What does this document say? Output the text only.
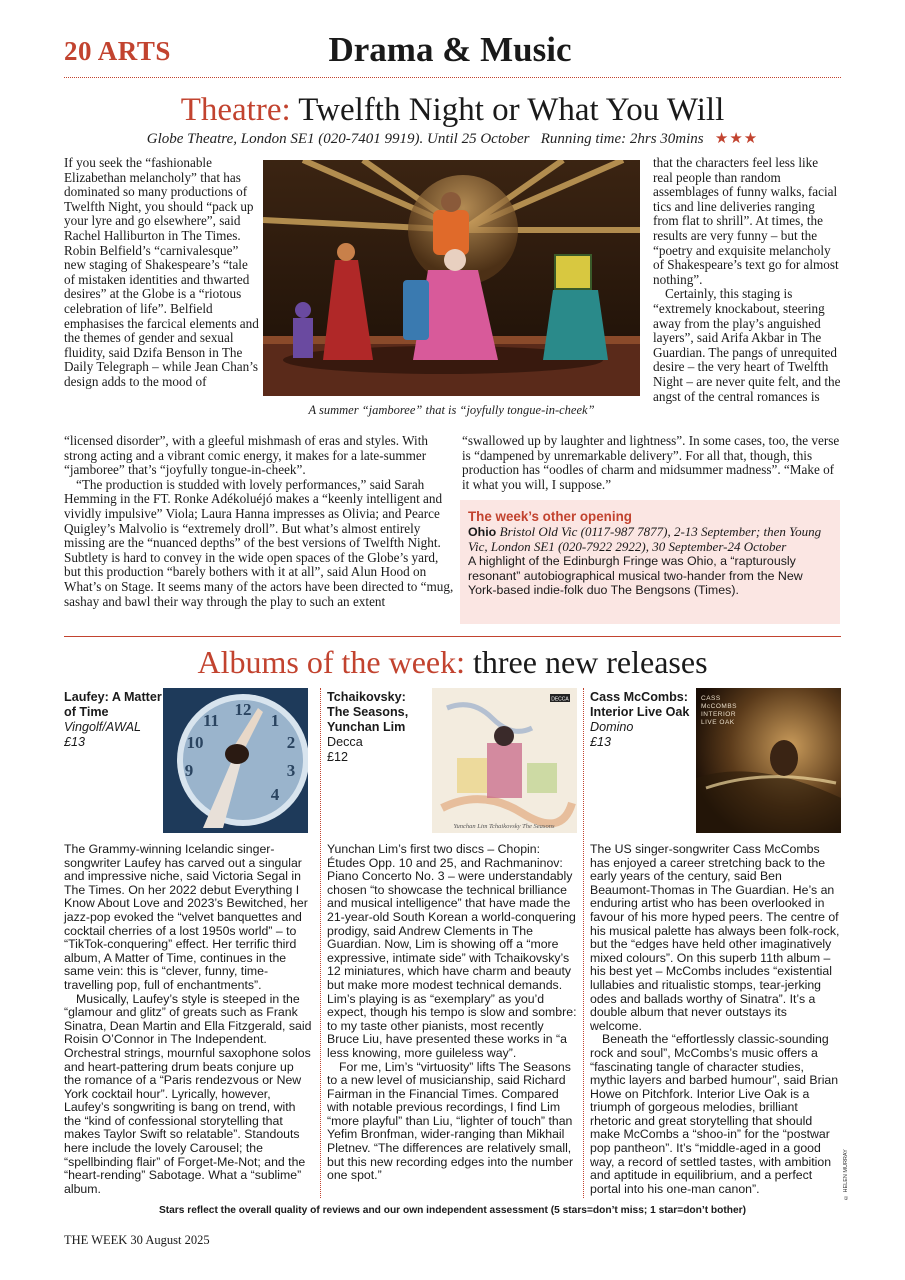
20 ARTS	Drama & Music
Theatre: Twelfth Night or What You Will
Globe Theatre, London SE1 (020-7401 9919). Until 25 October Running time: 2hrs 30mins ★★★

If you seek the “fashionable Elizabethan melancholy” that has dominated so many productions of Twelfth Night, you should “pack up your lyre and go elsewhere”, said Rachel Halliburton in The Times. Robin Belfield’s “carnivalesque” new staging of Shakespeare’s “tale of mistaken identities and thwarted desires” at the Globe is a “riotous celebration of life”. Belfield emphasises the farcical elements and the themes of gender and sexual fluidity, said Dzifa Benson in The Daily Telegraph – while Jean Chan’s design adds to the mood of

A summer “jamboree” that is “joyfully tongue-in-cheek”

that the characters feel less like real people than random assemblages of funny walks, facial tics and line deliveries ranging from flat to shrill”. At times, the results are very funny – but the “poetry and exquisite melancholy of Shakespeare’s text go for almost nothing”.

Certainly, this staging is “extremely knockabout, steering away from the play’s anguished layers”, said Arifa Akbar in The Guardian. The pangs of unrequited desire – the very heart of Twelfth Night – are never quite felt, and the angst of the central romances is

“licensed disorder”, with a gleeful mishmash of eras and styles. With strong acting and a vibrant comic energy, it makes for a late-summer “jamboree” that’s “joyfully tongue-in-cheek”.

“The production is studded with lovely performances,” said Sarah Hemming in the FT. Ronke Adékoluéjó makes a “keenly intelligent and vividly impulsive” Viola; Laura Hanna impresses as Olivia; and Pearce Quigley’s Malvolio is “extremely droll”. But what’s almost entirely missing are the “nuanced depths” of the best versions of Twelfth Night. Subtlety is hard to convey in the wide open spaces of the Globe’s yard, but this production “barely bothers with it at all”, said Alun Hood on What’s on Stage. It seems many of the actors have been directed to “mug, sashay and bawl their way through the play to such an extent

“swallowed up by laughter and lightness”. In some cases, too, the verse is “dampened by unremarkable delivery”. For all that, though, this production has “oodles of charm and midsummer madness”. “Make of it what you will, I suppose.”

The week’s other opening
Ohio Bristol Old Vic (0117-987 7877), 2-13 September; then Young Vic, London SE1 (020-7922 2922), 30 September-24 October
A highlight of the Edinburgh Fringe was Ohio, a “rapturously resonant” autobiographical musical two-hander from the New York-based indie-folk duo The Bengsons (Times).
Albums of the week: three new releases
Laufey: A Matter of Time
Vingolf/AWAL
£13
12
1
2
3
4
11
10
9

The Grammy-winning Icelandic singer-songwriter Laufey has carved out a singular and impressive niche, said Victoria Segal in The Times. On her 2022 debut Everything I Know About Love and 2023’s Bewitched, her jazz-pop evoked the “velvet banquettes and cocktail cherries of a lost 1950s world” – to “TikTok-conquering” effect. Her terrific third album, A Matter of Time, continues in the same vein: this is “clever, funny, time-travelling pop, full of enchantments”.

Musically, Laufey’s style is steeped in the “glamour and glitz” of greats such as Frank Sinatra, Dean Martin and Ella Fitzgerald, said Roisin O’Connor in The Independent. Orchestral strings, mournful saxophone solos and heart-pattering drum beats conjure up the romance of a “Paris rendezvous or New York cocktail hour”. Lyrically, however, Laufey’s songwriting is bang on trend, with the “kind of confessional storytelling that makes Taylor Swift so relatable”. Standouts here include the lovely Carousel; the “spellbinding flair” of Forget-Me-Not; and the “heart-rending” Sabotage. What a “sublime” album.

Tchaikovsky: The Seasons, Yunchan Lim
Decca
£12
DECCA
Yunchan Lim Tchaikovsky The Seasons

Yunchan Lim’s first two discs – Chopin: Études Opp. 10 and 25, and Rachmaninov: Piano Concerto No. 3 – were understandably chosen “to showcase the technical brilliance and musical intelligence” that have made the 21-year-old South Korean a world-conquering prodigy, said Andrew Clements in The Guardian. Now, Lim is showing off a “more expressive, intimate side” with Tchaikovsky’s 12 miniatures, which have charm and beauty but make more modest technical demands. Lim’s playing is as “exemplary” as you’d expect, though his tempo is slow and sombre: to my taste other pianists, most recently Bruce Liu, have presented these works in “a less knowing, more guileless way”.

For me, Lim’s “virtuosity” lifts The Seasons to a new level of musicianship, said Richard Fairman in the Financial Times. Compared with notable previous recordings, I find Lim “more playful” than Liu, “lighter of touch” than Yefim Bronfman, wider-ranging than Mikhail Pletnev. “The differences are relatively small, but this new recording edges into the number one spot.”

Cass McCombs: Interior Live Oak
Domino
£13
CASS
McCOMBS
INTERIOR
LIVE OAK

The US singer-songwriter Cass McCombs has enjoyed a career stretching back to the early years of the century, said Ben Beaumont-Thomas in The Guardian. He’s an enduring artist who has been overlooked in favour of his more hyped peers. The centre of his musical palette has always been folk-rock, but the “edges have held other imaginatively mixed colours”. On this superb 11th album – his best yet – McCombs includes “existential lullabies and ritualistic stomps, tear-jerking odes and ballads worthy of Sinatra”. It’s a double album that never outstays its welcome.

Beneath the “effortlessly classic-sounding rock and soul”, McCombs’s music offers a “fascinating tangle of character studies, mythic layers and barbed humour”, said Brian Howe on Pitchfork. Interior Live Oak is a triumph of gorgeous melodies, brilliant rhetoric and great storytelling that should make McCombs a “shoo-in” for the “postwar pop pantheon”. It’s “middle-aged in a good way, a record of settled tastes, with ambition and aptitude in equilibrium, and a perfect portal into his one-man canon”.	© HELEN MURRAY
Stars reflect the overall quality of reviews and our own independent assessment (5 stars=don’t miss; 1 star=don’t bother)
THE WEEK 30 August 2025
